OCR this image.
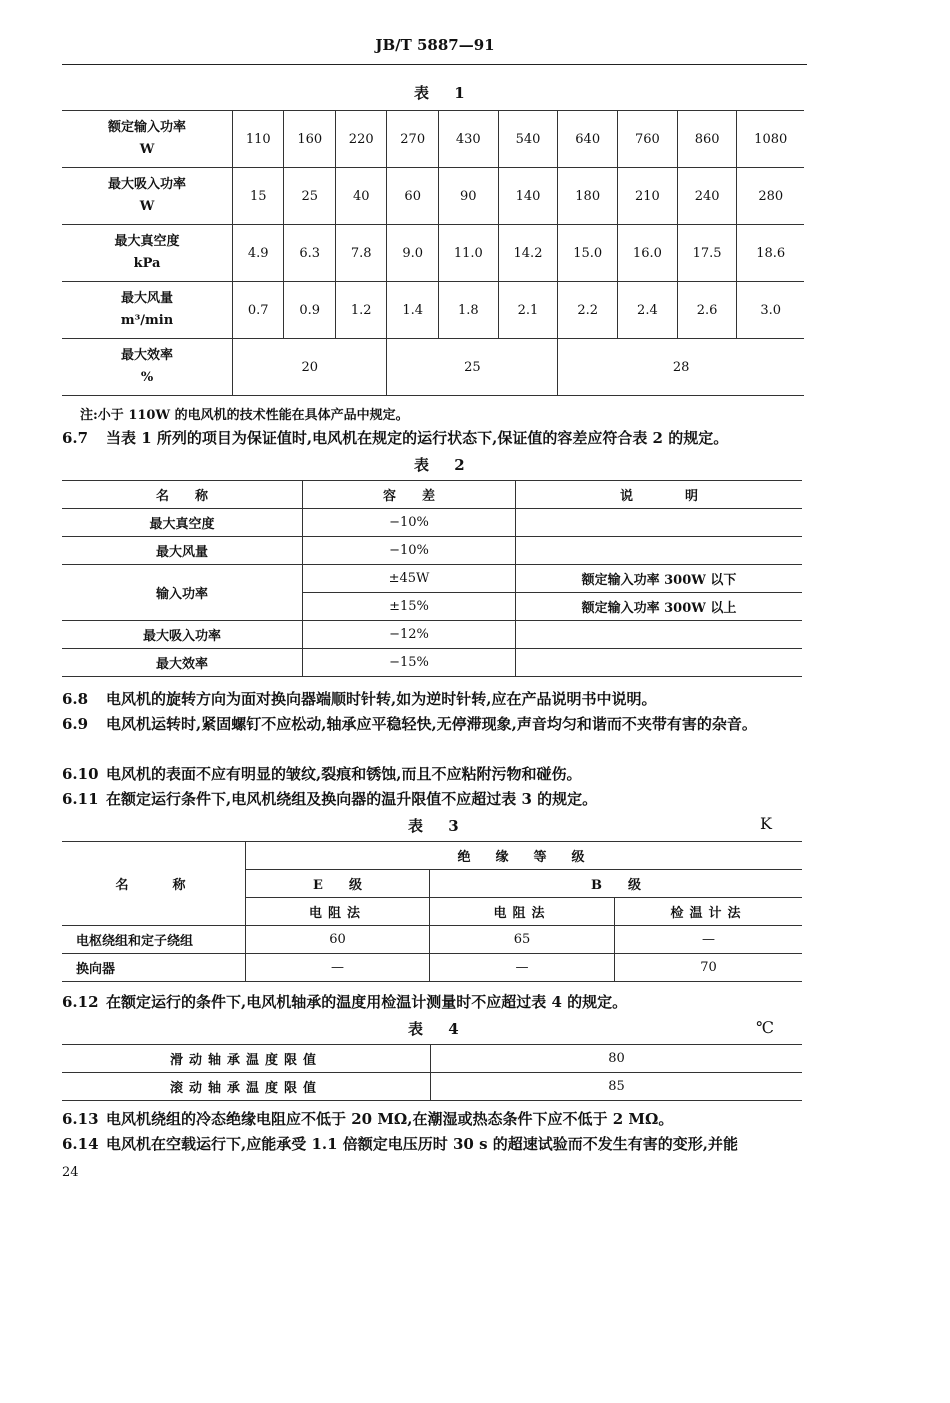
JB/T 5887—91
表 1
额定输入功率
W	110	160	220	270	430	540	640	760	860	1080

最大吸入功率
W	15	25	40	60	90	140	180	210	240	280

最大真空度
kPa	4.9	6.3	7.8	9.0	11.0	14.2	15.0	16.0	17.5	18.6

最大风量
m³/min	0.7	0.9	1.2	1.4	1.8	2.1	2.2	2.4	2.6	3.0

最大效率
%	20			25			28			
注:小于 110W 的电风机的技术性能在具体产品中规定。
6.7 当表 1 所列的项目为保证值时,电风机在规定的运行状态下,保证值的容差应符合表 2 的规定。
表 2
名　　称	容　　差	说　　　　明
最大真空度	−10%	
最大风量	−10%	
输入功率	±45W	额定输入功率 300W 以下
	±15%	额定输入功率 300W 以上
最大吸入功率	−12%	
最大效率	−15%	
6.8 电风机的旋转方向为面对换向器端顺时针转,如为逆时针转,应在产品说明书中说明。
6.9 电风机运转时,紧固螺钉不应松动,轴承应平稳轻快,无停滞现象,声音均匀和谐而不夹带有害的杂音。
6.10 电风机的表面不应有明显的皱纹,裂痕和锈蚀,而且不应粘附污物和碰伤。
6.11 在额定运行条件下,电风机绕组及换向器的温升限值不应超过表 3 的规定。
表 3	K
名　　称	绝　缘　等　级		
	E　　级	B　　级	
	电阻法	电阻法	检温计法
电枢绕组和定子绕组	60	65	—
换向器	—	—	70
6.12 在额定运行的条件下,电风机轴承的温度用检温计测量时不应超过表 4 的规定。
表 4	℃
滑动轴承温度限值	80
滚动轴承温度限值	85
6.13 电风机绕组的冷态绝缘电阻应不低于 20 MΩ,在潮湿或热态条件下应不低于 2 MΩ。
6.14 电风机在空载运行下,应能承受 1.1 倍额定电压历时 30 s 的超速试验而不发生有害的变形,并能
24
